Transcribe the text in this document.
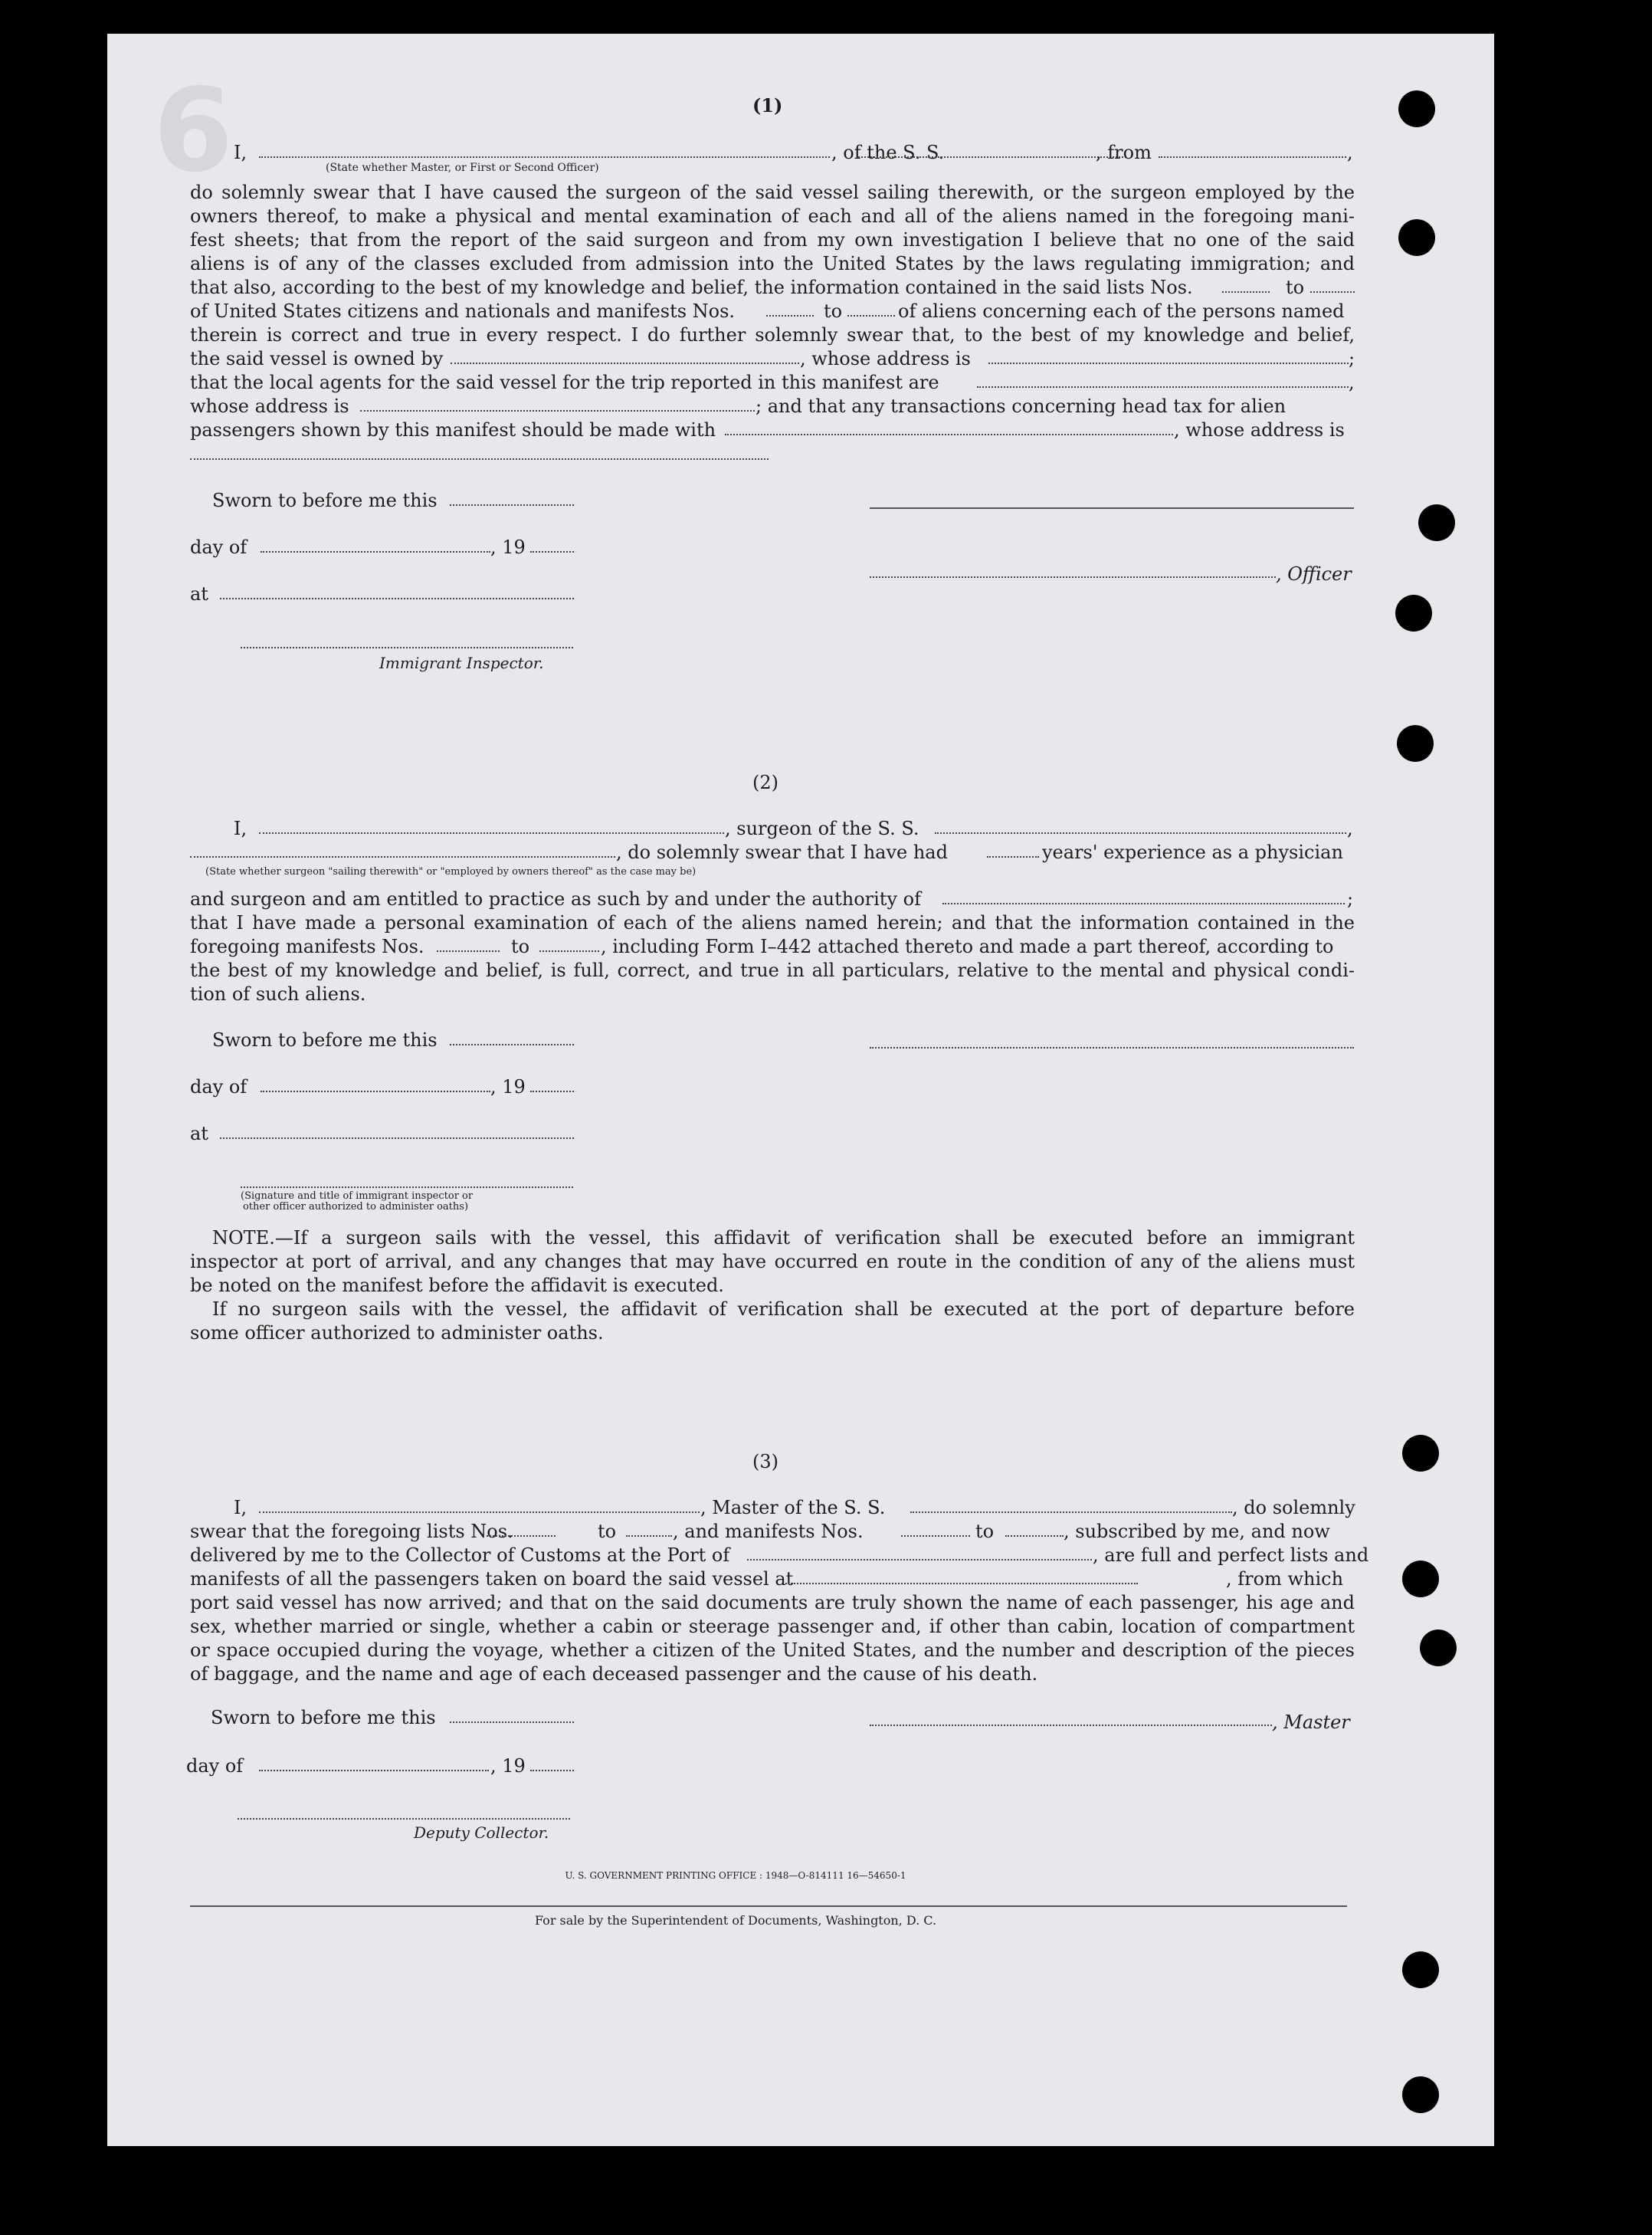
6	(1)
I,	, of the S. S.	, from	,
(State whether Master, or First or Second Officer)
do solemnly swear that I have caused the surgeon of the said vessel sailing therewith, or the surgeon employed by the
owners thereof, to make a physical and mental examination of each and all of the aliens named in the foregoing mani-
fest sheets; that from the report of the said surgeon and from my own investigation I believe that no one of the said
aliens is of any of the classes excluded from admission into the United States by the laws regulating immigration; and
that also, according to the best of my knowledge and belief, the information contained in the said lists Nos.	to
of United States citizens and nationals and manifests Nos.	to	of aliens concerning each of the persons named
therein is correct and true in every respect. I do further solemnly swear that, to the best of my knowledge and belief,
the said vessel is owned by	, whose address is	;
that the local agents for the said vessel for the trip reported in this manifest are	,
whose address is	; and that any transactions concerning head tax for alien
passengers shown by this manifest should be made with	, whose address is
Sworn to before me this
day of	, 19
, Officer
at
Immigrant Inspector.
(2)
I,	, surgeon of the S. S.	,
, do solemnly swear that I have had	years' experience as a physician
(State whether surgeon "sailing therewith" or "employed by owners thereof" as the case may be)
and surgeon and am entitled to practice as such by and under the authority of	;
that I have made a personal examination of each of the aliens named herein; and that the information contained in the
foregoing manifests Nos.	to	, including Form I–442 attached thereto and made a part thereof, according to
the best of my knowledge and belief, is full, correct, and true in all particulars, relative to the mental and physical condi-
tion of such aliens.
Sworn to before me this
day of	, 19
at
(Signature and title of immigrant inspector or
other officer authorized to administer oaths)
NOTE.—If a surgeon sails with the vessel, this affidavit of verification shall be executed before an immigrant
inspector at port of arrival, and any changes that may have occurred en route in the condition of any of the aliens must
be noted on the manifest before the affidavit is executed.
If no surgeon sails with the vessel, the affidavit of verification shall be executed at the port of departure before
some officer authorized to administer oaths.
(3)
I,	, Master of the S. S.	, do solemnly
swear that the foregoing lists Nos.	to	, and manifests Nos.	to	, subscribed by me, and now
delivered by me to the Collector of Customs at the Port of	, are full and perfect lists and
manifests of all the passengers taken on board the said vessel at	, from which
port said vessel has now arrived; and that on the said documents are truly shown the name of each passenger, his age and
sex, whether married or single, whether a cabin or steerage passenger and, if other than cabin, location of compartment
or space occupied during the voyage, whether a citizen of the United States, and the number and description of the pieces
of baggage, and the name and age of each deceased passenger and the cause of his death.
Sworn to before me this	, Master
day of	, 19
Deputy Collector.
U. S. GOVERNMENT PRINTING OFFICE : 1948—O-814111 16—54650-1
For sale by the Superintendent of Documents, Washington, D. C.
